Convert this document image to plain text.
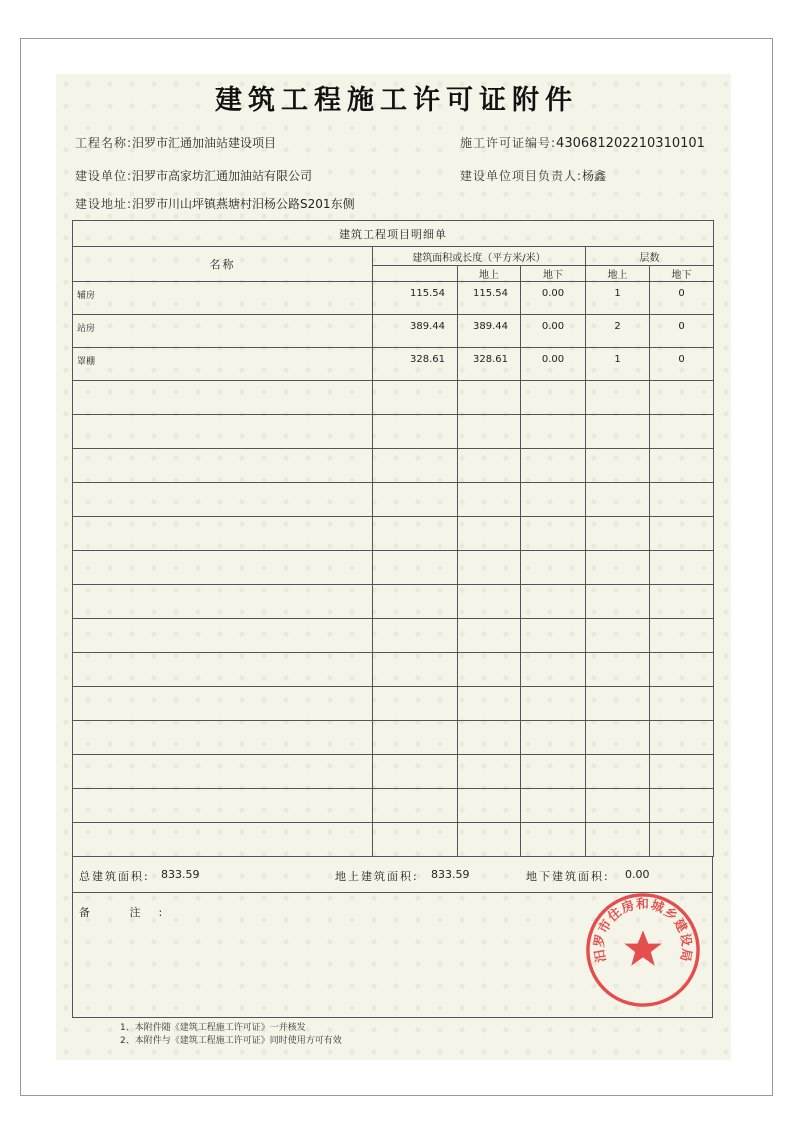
建筑工程施工许可证附件
工程名称:汨罗市汇通加油站建设项目	施工许可证编号:430681202210310101
建设单位:汨罗市高家坊汇通加油站有限公司	建设单位项目负责人:杨鑫
建设地址:汨罗市川山坪镇燕塘村汨杨公路S201东侧
建筑工程项目明细单					
名称	建筑面积或长度（平方米/米）			层数	
		地上	地下	地上	地下
辅房	115.54	115.54	0.00	1	0
站房	389.44	389.44	0.00	2	0
罩棚	328.61	328.61	0.00	1	0

总建筑面积: 833.59	地上建筑面积: 833.59	地下建筑面积: 0.00
备 注:
1、本附件随《建筑工程施工许可证》一并核发
2、本附件与《建筑工程施工许可证》同时使用方可有效
汨罗市住房和城乡建设局
